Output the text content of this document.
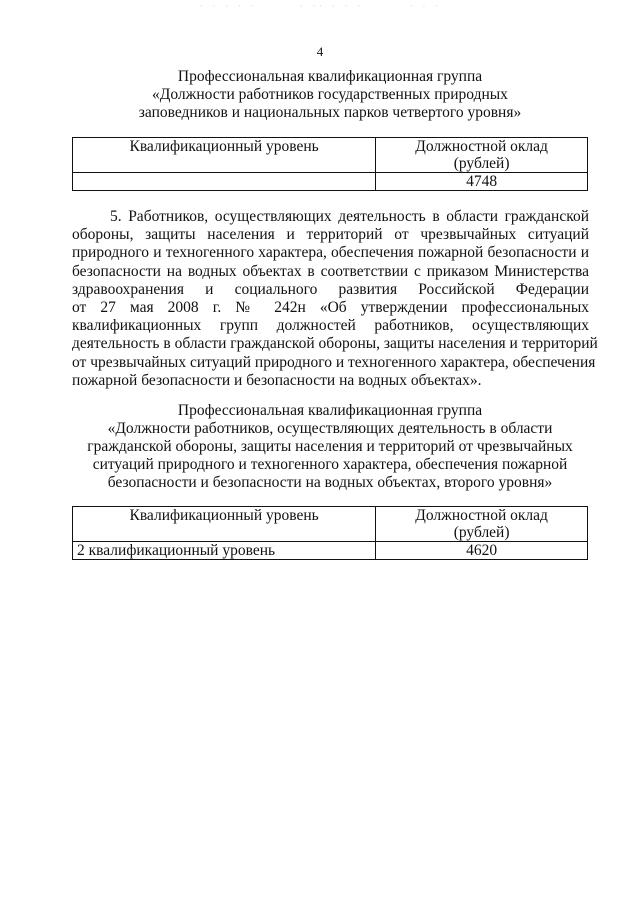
· · · · ·	· ·· · · ·	· · ·
4
Профессиональная квалификационная группа
«Должности работников государственных природных
заповедников и национальных парков четвертого уровня»
Квалификационный уровень	Должностной оклад
(рублей)
	4748
5. Работников, осуществляющих деятельность в области гражданской
обороны, защиты населения и территорий от чрезвычайных ситуаций
природного и техногенного характера, обеспечения пожарной безопасности и
безопасности на водных объектах в соответствии с приказом Министерства
здравоохранения и социального развития Российской Федерации
от 27 мая 2008 г. № 242н «Об утверждении профессиональных
квалификационных групп должностей работников, осуществляющих
деятельность в области гражданской обороны, защиты населения и территорий
от чрезвычайных ситуаций природного и техногенного характера, обеспечения
пожарной безопасности и безопасности на водных объектах».
Профессиональная квалификационная группа
«Должности работников, осуществляющих деятельность в области
гражданской обороны, защиты населения и территорий от чрезвычайных
ситуаций природного и техногенного характера, обеспечения пожарной
безопасности и безопасности на водных объектах, второго уровня»
Квалификационный уровень	Должностной оклад
(рублей)
2 квалификационный уровень	4620
